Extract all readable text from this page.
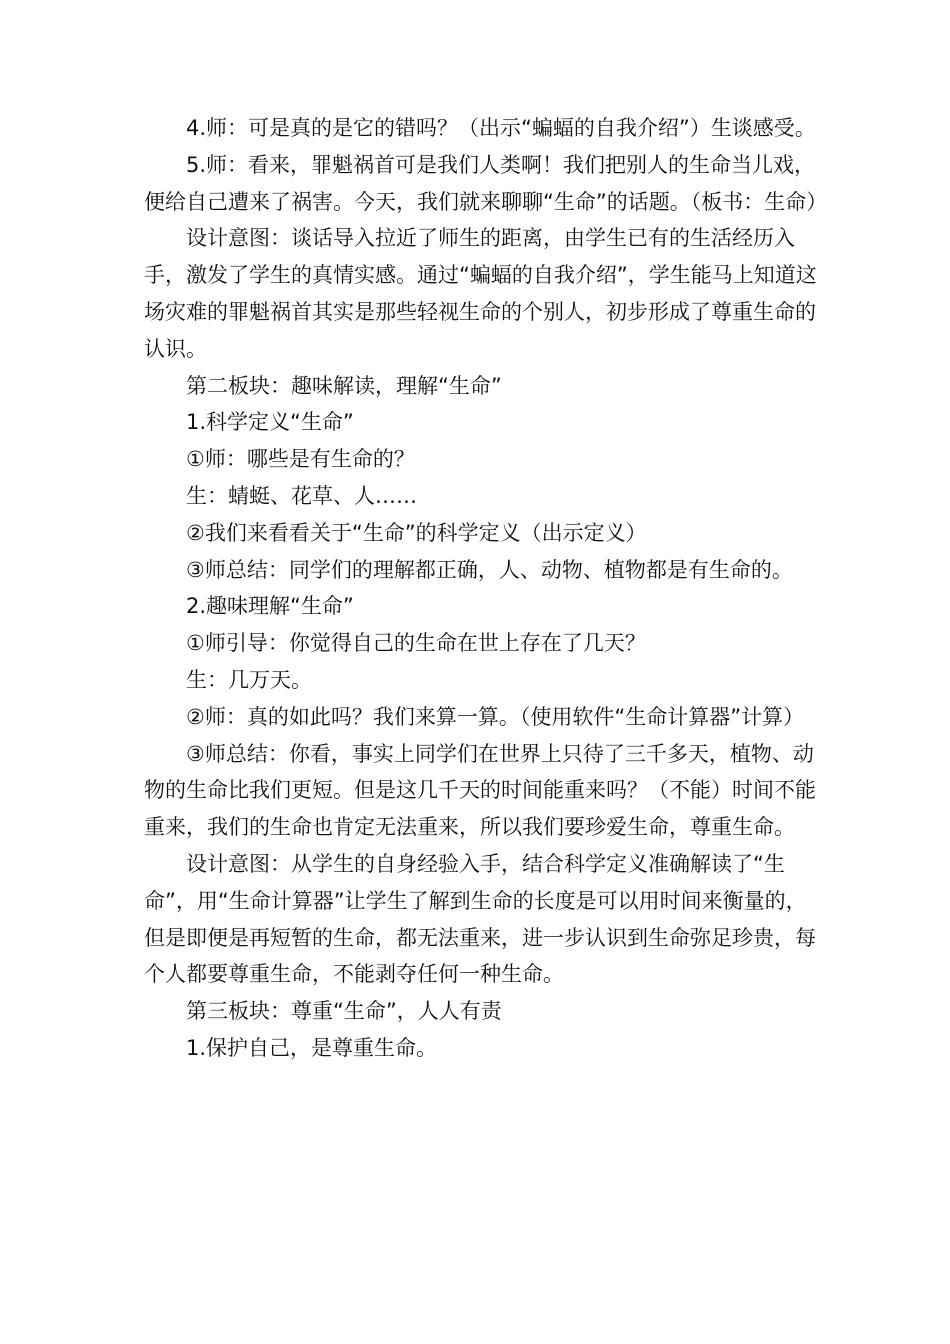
4.师：可是真的是它的错吗？（出示“蝙蝠的自我介绍”）生谈感受。

5.师：看来，罪魁祸首可是我们人类啊！我们把别人的生命当儿戏，便给自己遭来了祸害。今天，我们就来聊聊“生命”的话题。（板书：生命）

设计意图：谈话导入拉近了师生的距离，由学生已有的生活经历入手，激发了学生的真情实感。通过“蝙蝠的自我介绍”，学生能马上知道这场灾难的罪魁祸首其实是那些轻视生命的个别人，初步形成了尊重生命的认识。

第二板块：趣味解读，理解“生命”

1.科学定义“生命”

①师：哪些是有生命的？

生：蜻蜓、花草、人……

②我们来看看关于“生命”的科学定义（出示定义）

③师总结：同学们的理解都正确，人、动物、植物都是有生命的。

2.趣味理解“生命”

①师引导：你觉得自己的生命在世上存在了几天？

生：几万天。

②师：真的如此吗？我们来算一算。（使用软件“生命计算器”计算）

③师总结：你看，事实上同学们在世界上只待了三千多天，植物、动物的生命比我们更短。但是这几千天的时间能重来吗？（不能）时间不能重来，我们的生命也肯定无法重来，所以我们要珍爱生命，尊重生命。

设计意图：从学生的自身经验入手，结合科学定义准确解读了“生命”，用“生命计算器”让学生了解到生命的长度是可以用时间来衡量的，但是即便是再短暂的生命，都无法重来，进一步认识到生命弥足珍贵，每个人都要尊重生命，不能剥夺任何一种生命。

第三板块：尊重“生命”，人人有责

1.保护自己，是尊重生命。
